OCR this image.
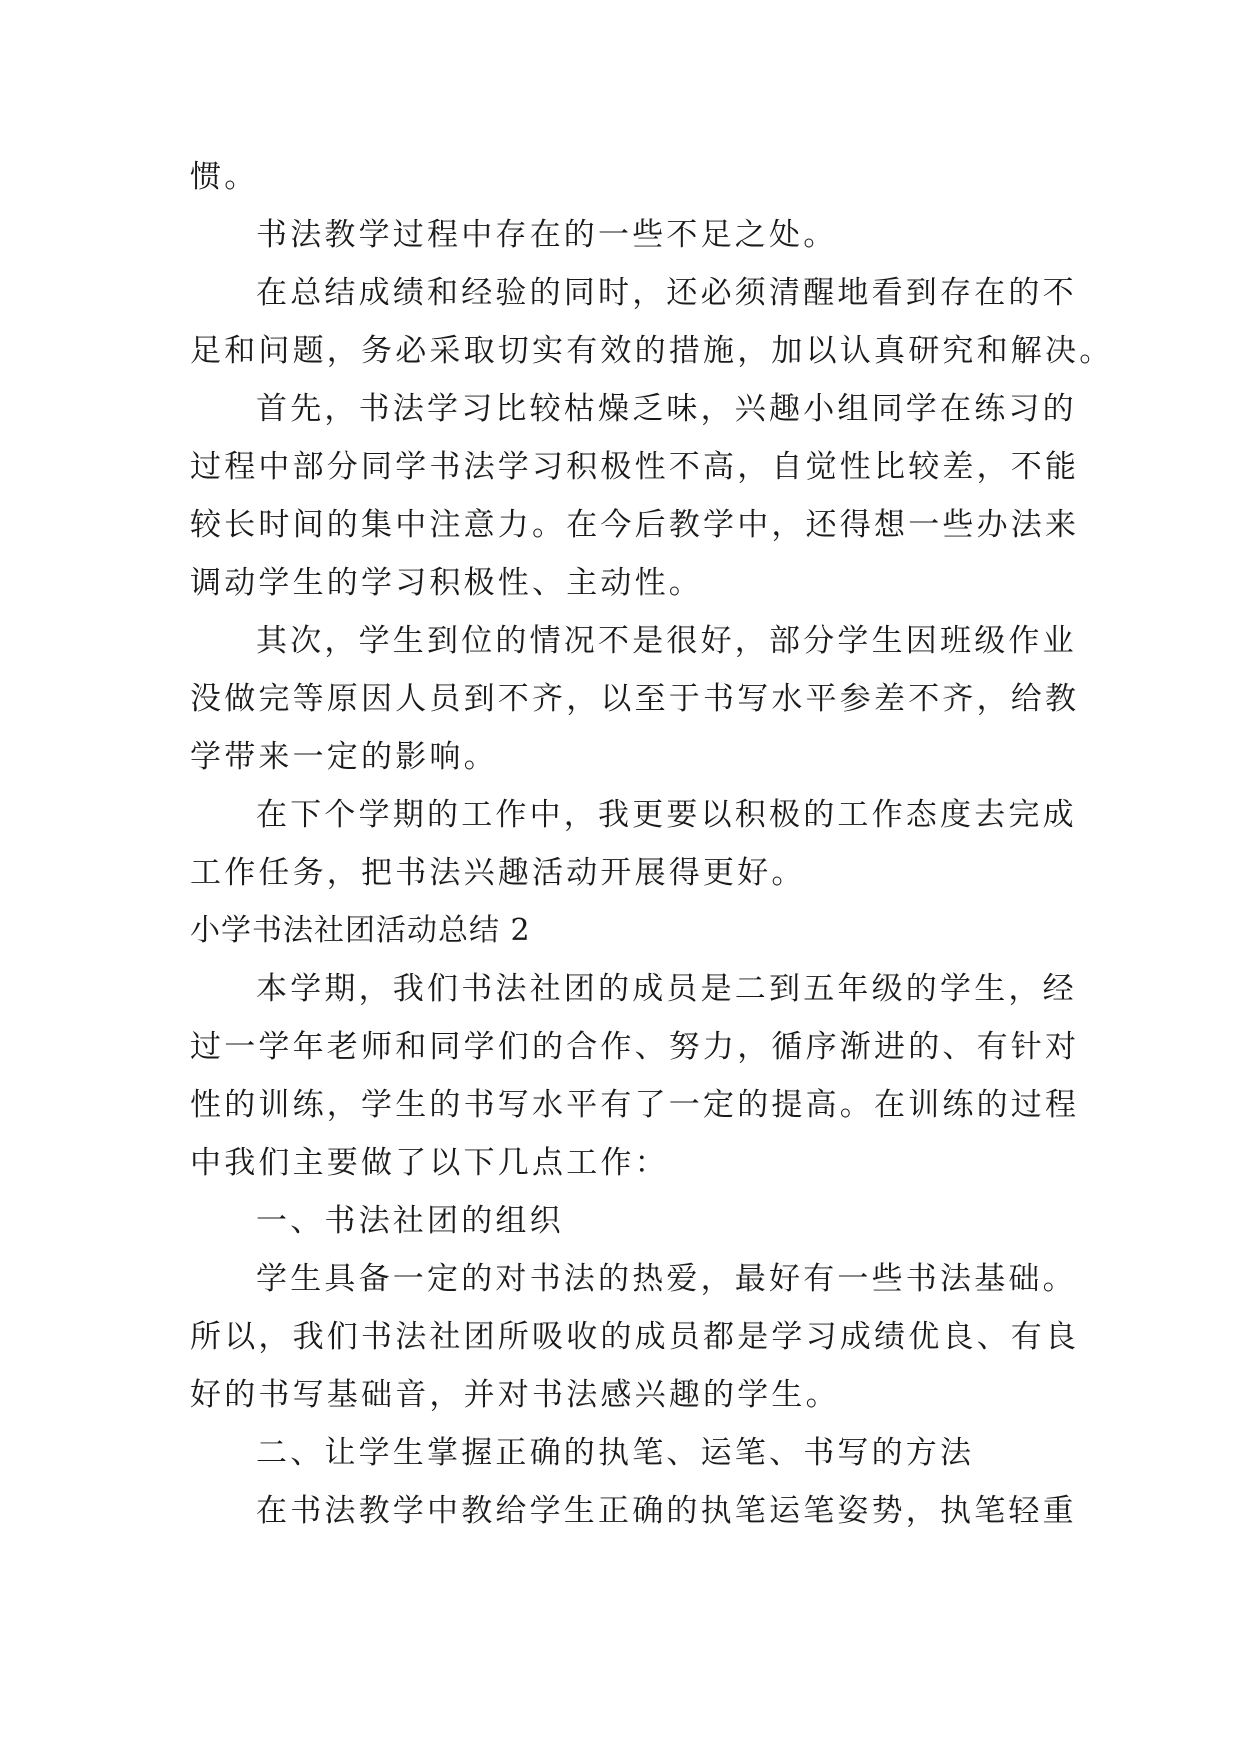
惯。
书法教学过程中存在的一些不足之处。
在总结成绩和经验的同时，还必须清醒地看到存在的不
足和问题，务必采取切实有效的措施，加以认真研究和解决。
首先，书法学习比较枯燥乏味，兴趣小组同学在练习的
过程中部分同学书法学习积极性不高，自觉性比较差，不能
较长时间的集中注意力。在今后教学中，还得想一些办法来
调动学生的学习积极性、主动性。
其次，学生到位的情况不是很好，部分学生因班级作业
没做完等原因人员到不齐，以至于书写水平参差不齐，给教
学带来一定的影响。
在下个学期的工作中，我更要以积极的工作态度去完成
工作任务，把书法兴趣活动开展得更好。
小学书法社团活动总结 2
本学期，我们书法社团的成员是二到五年级的学生，经
过一学年老师和同学们的合作、努力，循序渐进的、有针对
性的训练，学生的书写水平有了一定的提高。在训练的过程
中我们主要做了以下几点工作：
一、书法社团的组织
学生具备一定的对书法的热爱，最好有一些书法基础。
所以，我们书法社团所吸收的成员都是学习成绩优良、有良
好的书写基础音，并对书法感兴趣的学生。
二、让学生掌握正确的执笔、运笔、书写的方法
在书法教学中教给学生正确的执笔运笔姿势，执笔轻重
